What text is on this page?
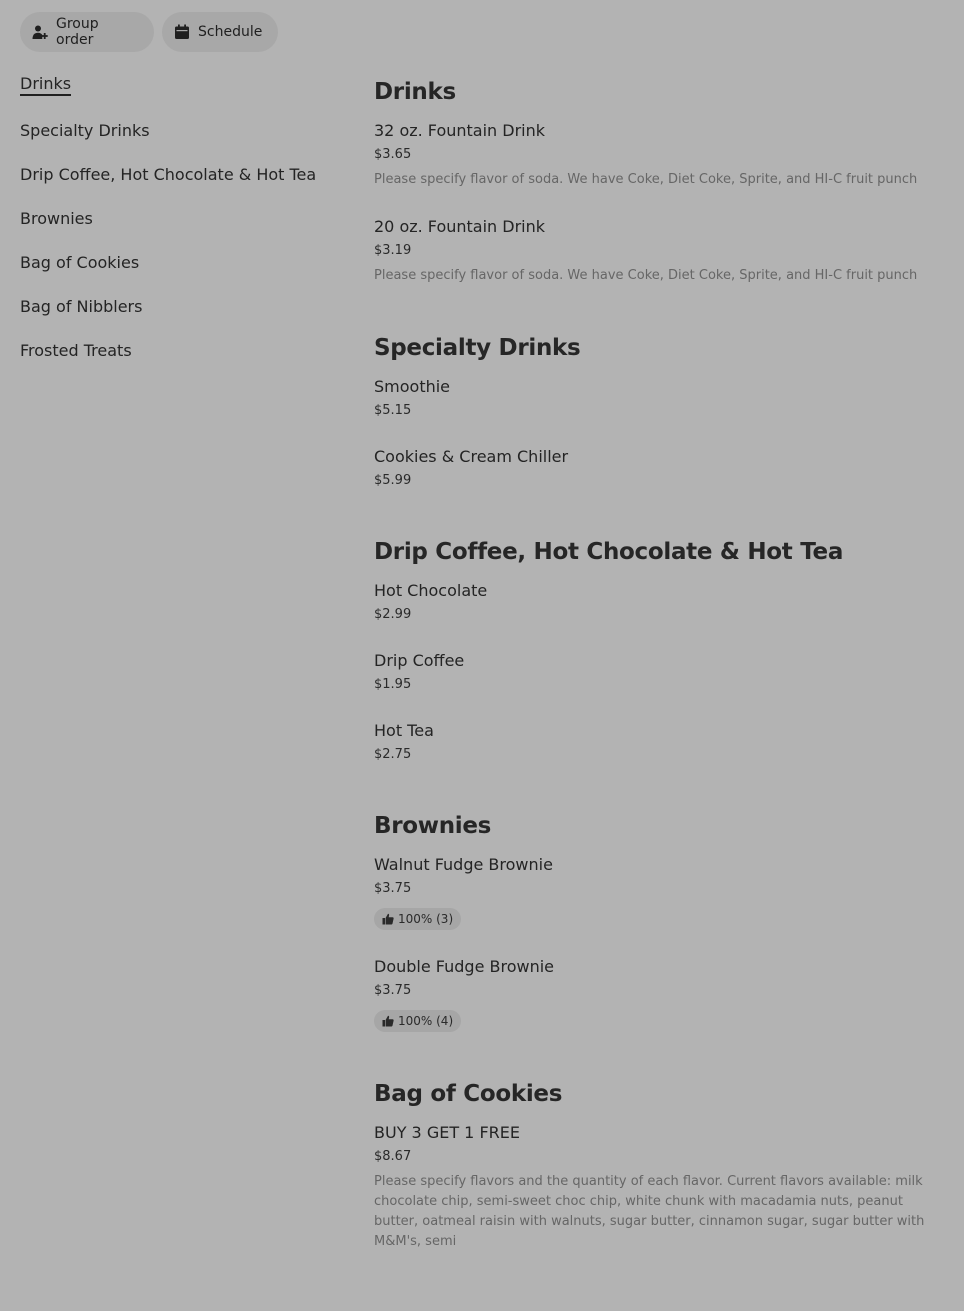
Group order	Schedule
Drinks
Specialty Drinks
Drip Coffee, Hot Chocolate & Hot Tea
Brownies
Bag of Cookies
Bag of Nibblers
Frosted Treats
Drinks
32 oz. Fountain Drink
$3.65
Please specify flavor of soda. We have Coke, Diet Coke, Sprite, and HI-C fruit punch
20 oz. Fountain Drink
$3.19
Please specify flavor of soda. We have Coke, Diet Coke, Sprite, and HI-C fruit punch
Specialty Drinks
Smoothie
$5.15
Cookies & Cream Chiller
$5.99
Drip Coffee, Hot Chocolate & Hot Tea
Hot Chocolate
$2.99
Drip Coffee
$1.95
Hot Tea
$2.75
Brownies
Walnut Fudge Brownie
$3.75
100% (3)
Double Fudge Brownie
$3.75
100% (4)
Bag of Cookies
BUY 3 GET 1 FREE
$8.67
Please specify flavors and the quantity of each flavor. Current flavors available: milk chocolate chip, semi-sweet choc chip, white chunk with macadamia nuts, peanut butter, oatmeal raisin with walnuts, sugar butter, cinnamon sugar, sugar butter with M&M's, semi
